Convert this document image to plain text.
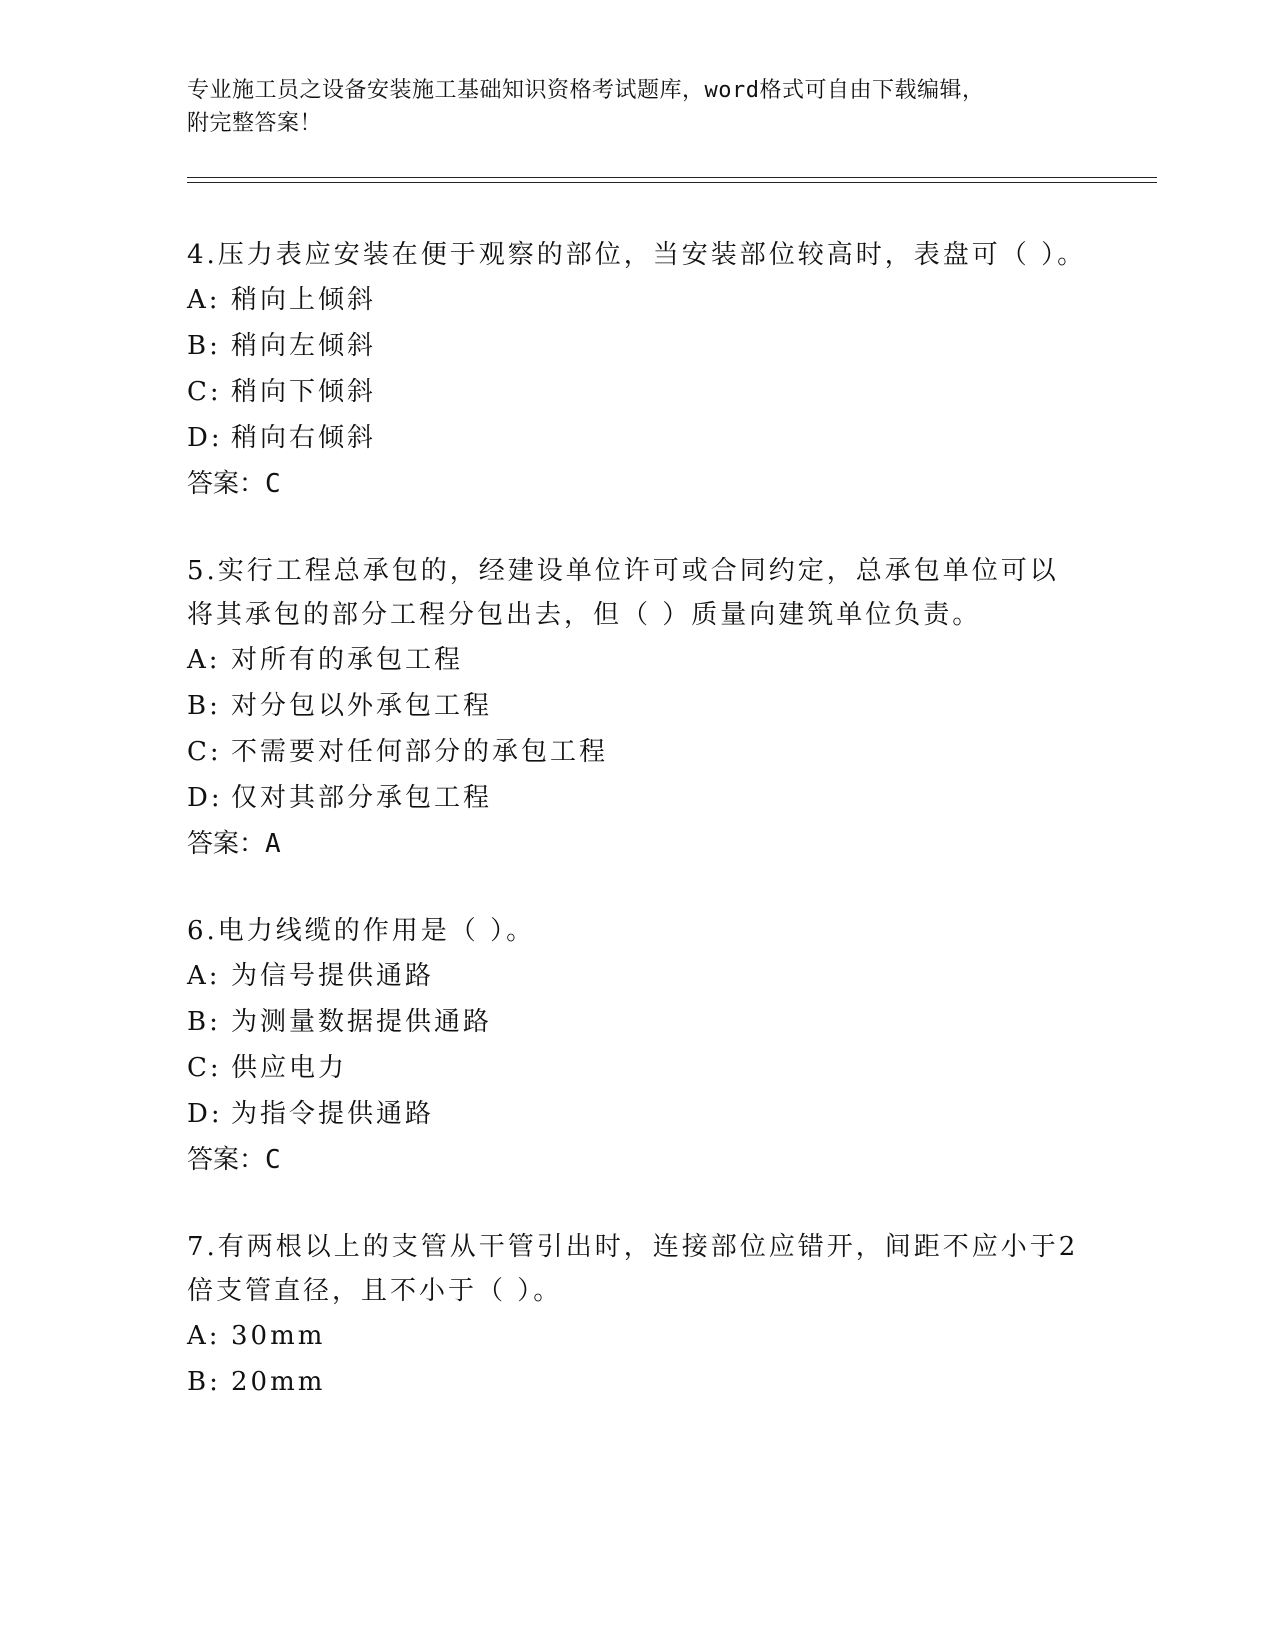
专业施工员之设备安装施工基础知识资格考试题库，word格式可自由下载编辑，
附完整答案！
4.压力表应安装在便于观察的部位，当安装部位较高时，表盘可（ ）。
A: 稍向上倾斜
B: 稍向左倾斜
C: 稍向下倾斜
D: 稍向右倾斜
答案：C
5.实行工程总承包的，经建设单位许可或合同约定，总承包单位可以将其承包的部分工程分包出去，但（ ）质量向建筑单位负责。
A: 对所有的承包工程
B: 对分包以外承包工程
C: 不需要对任何部分的承包工程
D: 仅对其部分承包工程
答案：A
6.电力线缆的作用是（ ）。
A: 为信号提供通路
B: 为测量数据提供通路
C: 供应电力
D: 为指令提供通路
答案：C
7.有两根以上的支管从干管引出时，连接部位应错开，间距不应小于2倍支管直径，且不小于（ ）。
A: 30mm
B: 20mm
